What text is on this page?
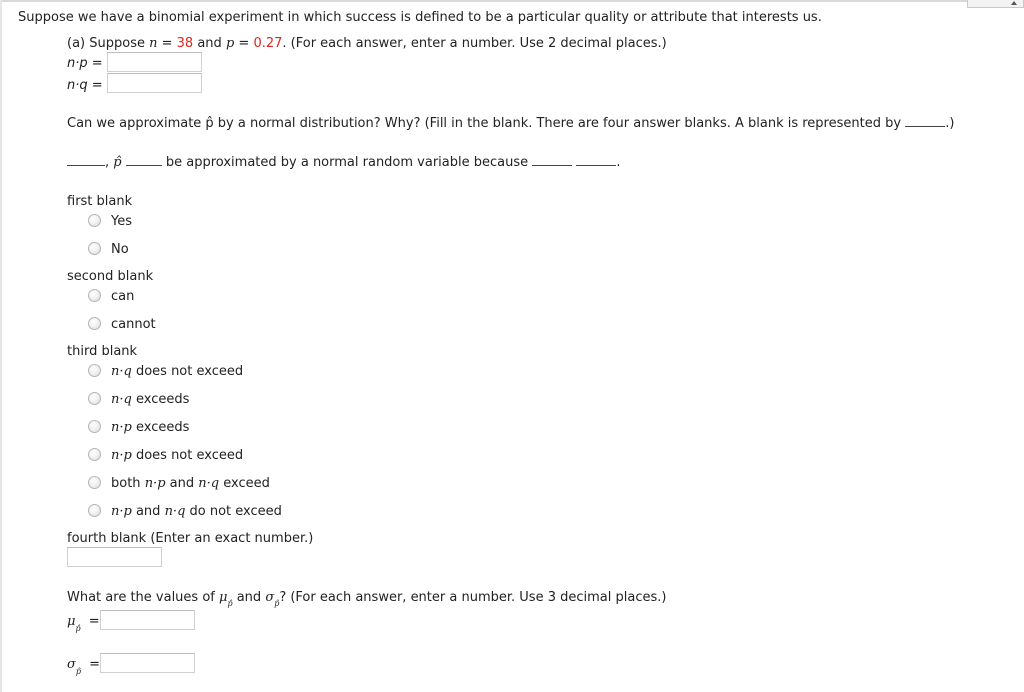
Suppose we have a binomial experiment in which success is defined to be a particular quality or attribute that interests us.
(a) Suppose n = 38 and p = 0.27. (For each answer, enter a number. Use 2 decimal places.)
n·p =
n·q =
Can we approximate p̂ by a normal distribution? Why? (Fill in the blank. There are four answer blanks. A blank is represented by	.)
, p̂	be approximated by a normal random variable because	.
first blank
Yes
No
second blank
can
cannot
third blank
n·q does not exceed
n·q exceeds
n·p exceeds
n·p does not exceed
both n·p and n·q exceed
n·p and n·q do not exceed
fourth blank (Enter an exact number.)
What are the values of $\mu_{p̂}$ and $\sigma_{p̂}$? (For each answer, enter a number. Use 3 decimal places.)
$\mu_{p̂}$ =
$\sigma_{p̂}$ =
